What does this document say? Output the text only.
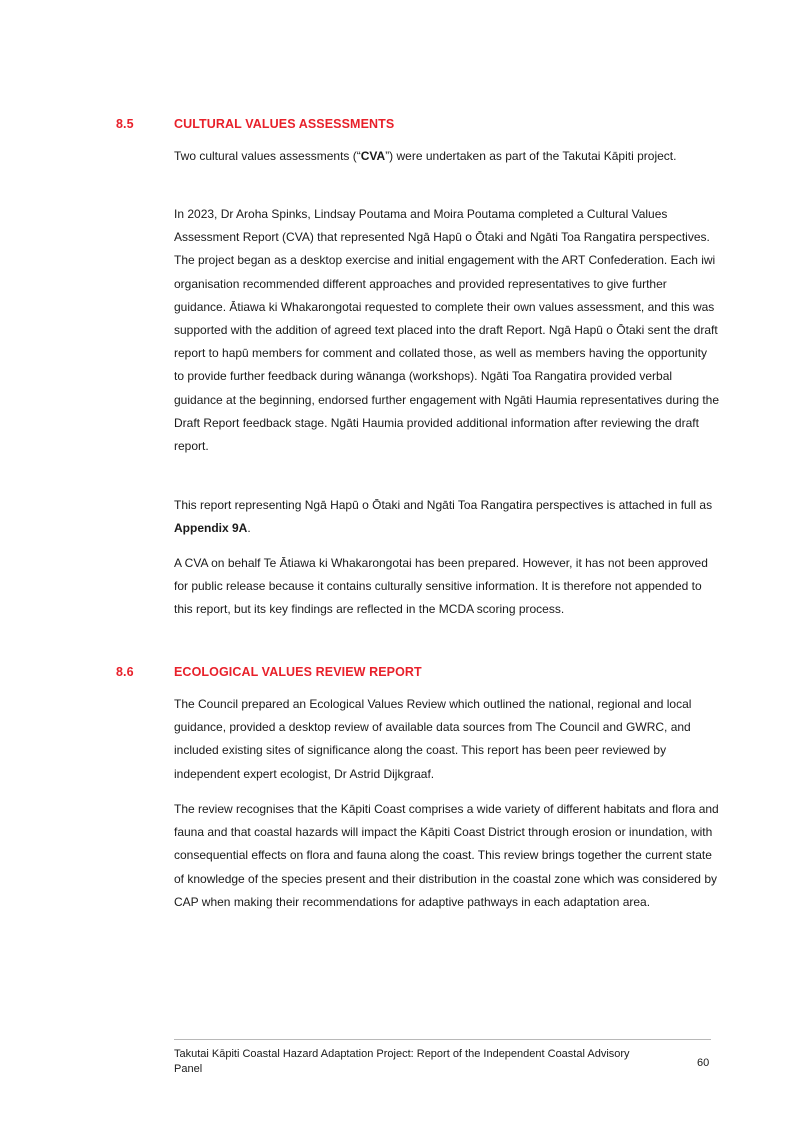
8.5	CULTURAL VALUES ASSESSMENTS

Two cultural values assessments (“CVA”) were undertaken as part of the Takutai Kāpiti project.

In 2023, Dr Aroha Spinks, Lindsay Poutama and Moira Poutama completed a Cultural Values Assessment Report (CVA) that represented Ngā Hapū o Ōtaki and Ngāti Toa Rangatira perspectives. The project began as a desktop exercise and initial engagement with the ART Confederation. Each iwi organisation recommended different approaches and provided representatives to give further guidance. Ātiawa ki Whakarongotai requested to complete their own values assessment, and this was supported with the addition of agreed text placed into the draft Report. Ngā Hapū o Ōtaki sent the draft report to hapū members for comment and collated those, as well as members having the opportunity to provide further feedback during wānanga (workshops). Ngāti Toa Rangatira provided verbal guidance at the beginning, endorsed further engagement with Ngāti Haumia representatives during the Draft Report feedback stage. Ngāti Haumia provided additional information after reviewing the draft report.

This report representing Ngā Hapū o Ōtaki and Ngāti Toa Rangatira perspectives is attached in full as Appendix 9A.

A CVA on behalf Te Ātiawa ki Whakarongotai has been prepared. However, it has not been approved for public release because it contains culturally sensitive information. It is therefore not appended to this report, but its key findings are reflected in the MCDA scoring process.

8.6	ECOLOGICAL VALUES REVIEW REPORT

The Council prepared an Ecological Values Review which outlined the national, regional and local guidance, provided a desktop review of available data sources from The Council and GWRC, and included existing sites of significance along the coast. This report has been peer reviewed by independent expert ecologist, Dr Astrid Dijkgraaf.

The review recognises that the Kāpiti Coast comprises a wide variety of different habitats and flora and fauna and that coastal hazards will impact the Kāpiti Coast District through erosion or inundation, with consequential effects on flora and fauna along the coast. This review brings together the current state of knowledge of the species present and their distribution in the coastal zone which was considered by CAP when making their recommendations for adaptive pathways in each adaptation area.

Takutai Kāpiti Coastal Hazard Adaptation Project: Report of the Independent Coastal Advisory Panel	60
